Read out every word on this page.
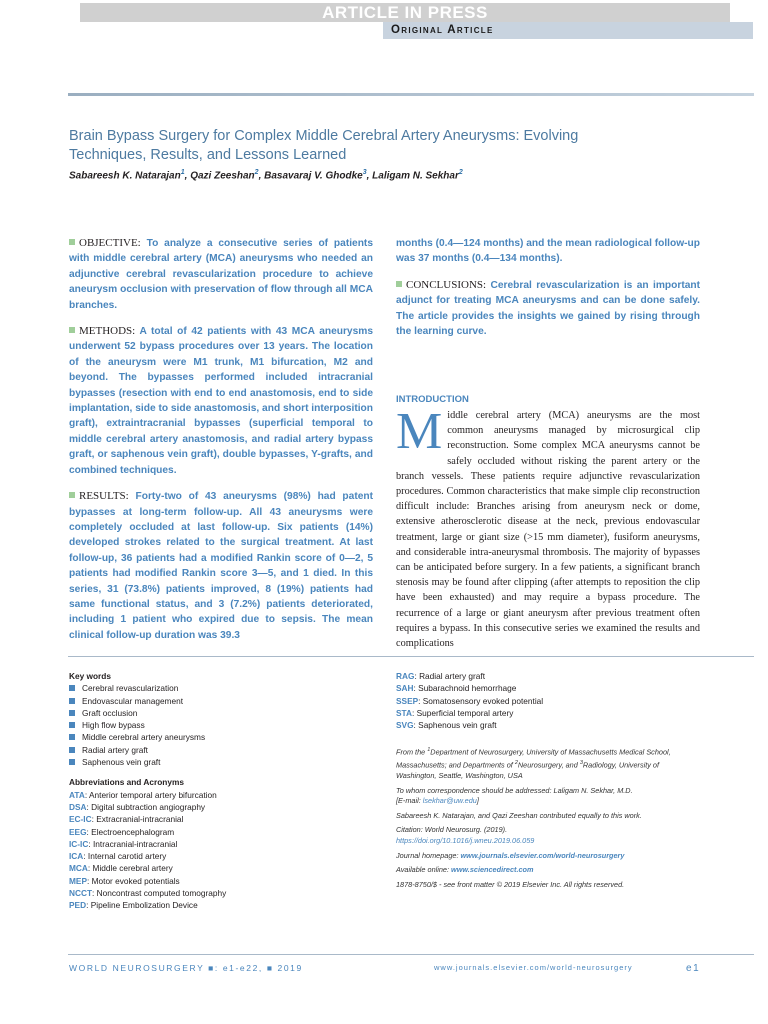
ARTICLE IN PRESS
Original Article
Brain Bypass Surgery for Complex Middle Cerebral Artery Aneurysms: Evolving
Techniques, Results, and Lessons Learned
Sabareesh K. Natarajan$^1$, Qazi Zeeshan$^2$, Basavaraj V. Ghodke$^3$, Laligam N. Sekhar$^2$

OBJECTIVE: To analyze a consecutive series of patients with middle cerebral artery (MCA) aneurysms who needed an adjunctive cerebral revascularization procedure to achieve aneurysm occlusion with preservation of flow through all MCA branches.

METHODS: A total of 42 patients with 43 MCA aneurysms underwent 52 bypass procedures over 13 years. The location of the aneurysm were M1 trunk, M1 bifurcation, M2 and beyond. The bypasses performed included intracranial bypasses (resection with end to end anastomosis, end to side implantation, side to side anastomosis, and short interposition graft), extraintracranial bypasses (superficial temporal to middle cerebral artery anastomosis, and radial artery bypass graft, or saphenous vein graft), double bypasses, Y-grafts, and combined techniques.

RESULTS: Forty-two of 43 aneurysms (98%) had patent bypasses at long-term follow-up. All 43 aneurysms were completely occluded at last follow-up. Six patients (14%) developed strokes related to the surgical treatment. At last follow-up, 36 patients had a modified Rankin score of 0—2, 5 patients had modified Rankin score 3—5, and 1 died. In this series, 31 (73.8%) patients improved, 8 (19%) patients had same functional status, and 3 (7.2%) patients deteriorated, including 1 patient who expired due to sepsis. The mean clinical follow-up duration was 39.3

months (0.4—124 months) and the mean radiological follow-up was 37 months (0.4—134 months).

CONCLUSIONS: Cerebral revascularization is an important adjunct for treating MCA aneurysms and can be done safely. The article provides the insights we gained by rising through the learning curve.

INTRODUCTION
Middle cerebral artery (MCA) aneurysms are the most common aneurysms managed by microsurgical clip reconstruction. Some complex MCA aneurysms cannot be safely occluded without risking the parent artery or the branch vessels. These patients require adjunctive revascularization procedures. Common characteristics that make simple clip reconstruction difficult include: Branches arising from aneurysm neck or dome, extensive atherosclerotic disease at the neck, previous endovascular treatment, large or giant size (>15 mm diameter), fusiform aneurysms, and considerable intra-aneurysmal thrombosis. The majority of bypasses can be anticipated before surgery. In a few patients, a significant branch stenosis may be found after clipping (after attempts to reposition the clip have been exhausted) and may require a bypass procedure. The recurrence of a large or giant aneurysm after previous treatment often requires a bypass. In this consecutive series we examined the results and complications
Key words
Cerebral revascularization
Endovascular management
Graft occlusion
High flow bypass
Middle cerebral artery aneurysms
Radial artery graft
Saphenous vein graft
Abbreviations and Acronyms
ATA: Anterior temporal artery bifurcation
DSA: Digital subtraction angiography
EC-IC: Extracranial-intracranial
EEG: Electroencephalogram
IC-IC: Intracranial-intracranial
ICA: Internal carotid artery
MCA: Middle cerebral artery
MEP: Motor evoked potentials
NCCT: Noncontrast computed tomography
PED: Pipeline Embolization Device
RAG: Radial artery graft
SAH: Subarachnoid hemorrhage
SSEP: Somatosensory evoked potential
STA: Superficial temporal artery
SVG: Saphenous vein graft

From the $^1$Department of Neurosurgery, University of Massachusetts Medical School, Massachusetts; and Departments of $^2$Neurosurgery, and $^3$Radiology, University of Washington, Seattle, Washington, USA

To whom correspondence should be addressed: Laligam N. Sekhar, M.D.
[E-mail: lsekhar@uw.edu]

Sabareesh K. Natarajan, and Qazi Zeeshan contributed equally to this work.

Citation: World Neurosurg. (2019).
https://doi.org/10.1016/j.wneu.2019.06.059

Journal homepage: www.journals.elsevier.com/world-neurosurgery

Available online: www.sciencedirect.com

1878-8750/$ - see front matter © 2019 Elsevier Inc. All rights reserved.

WORLD NEUROSURGERY ■: e1-e22, ■ 2019	www.journals.elsevier.com/world-neurosurgery	e1
